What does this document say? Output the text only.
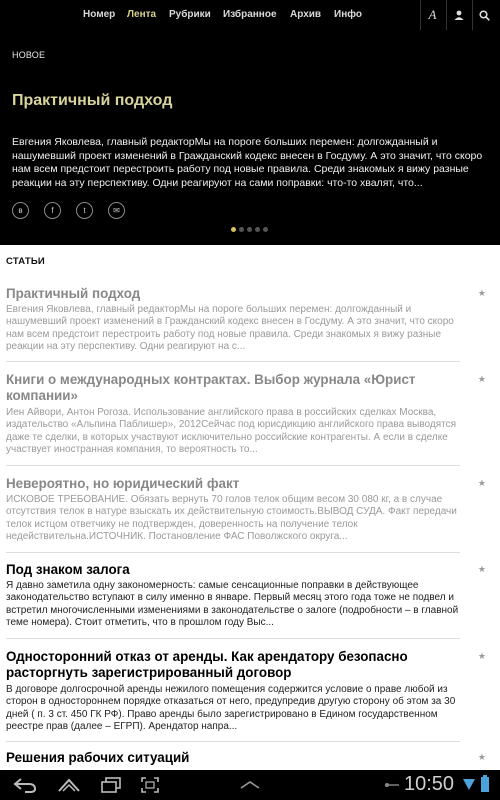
Номер Лента Рубрики Избранное Архив Инфо	A
НОВОЕ
Практичный подход
Евгения Яковлева, главный редакторМы на пороге больших перемен: долгожданный и нашумевший проект изменений в Гражданский кодекс внесен в Госдуму. А это значит, что скоро нам всем предстоит перестроить работу под новые правила. Среди знакомых я вижу разные реакции на эту перспективу. Одни реагируют на сами поправки: что-то хвалят, что...
в	f	t	✉
СТАТЬИ
Практичный подход
Евгения Яковлева, главный редакторМы на пороге больших перемен: долгожданный и нашумевший проект изменений в Гражданский кодекс внесен в Госдуму. А это значит, что скоро нам всем предстоит перестроить работу под новые правила. Среди знакомых я вижу разные реакции на эту перспективу. Одни реагируют на с...
★
Книги о международных контрактах. Выбор журнала «Юрист компании»
Иен Айвори, Антон Рогоза. Использование английского права в российских сделках Москва, издательство «Альпина Паблишер», 2012Сейчас под юрисдикцию английского права выводятся даже те сделки, в которых участвуют исключительно российские контрагенты. А если в сделке участвует иностранная компания, то вероятность то...
★
Невероятно, но юридический факт
ИСКОВОЕ ТРЕБОВАНИЕ. Обязать вернуть 70 голов телок общим весом 30 080 кг, а в случае отсутствия телок в натуре взыскать их действительную стоимость.ВЫВОД СУДА. Факт передачи телок истцом ответчику не подтвержден, доверенность на получение телок недействительна.ИСТОЧНИК. Постановление ФАС Поволжского округа...
★
Под знаком залога
Я давно заметила одну закономерность: самые сенсационные поправки в действующее законодательство вступают в силу именно в январе. Первый месяц этого года тоже не подвел и встретил многочисленными изменениями в законодательстве о залоге (подробности – в главной теме номера). Стоит отметить, что в прошлом году Выс...
★
Односторонний отказ от аренды. Как арендатору безопасно расторгнуть зарегистрированный договор
В договоре долгосрочной аренды нежилого помещения содержится условие о праве любой из сторон в одностороннем порядке отказаться от него, предупредив другую сторону об этом за 30 дней ( п. 3 ст. 450 ГК РФ). Право аренды было зарегистрировано в Едином государственном реестре прав (далее – ЕГРП). Арендатор напра...
★
Решения рабочих ситуаций	★
10:50
